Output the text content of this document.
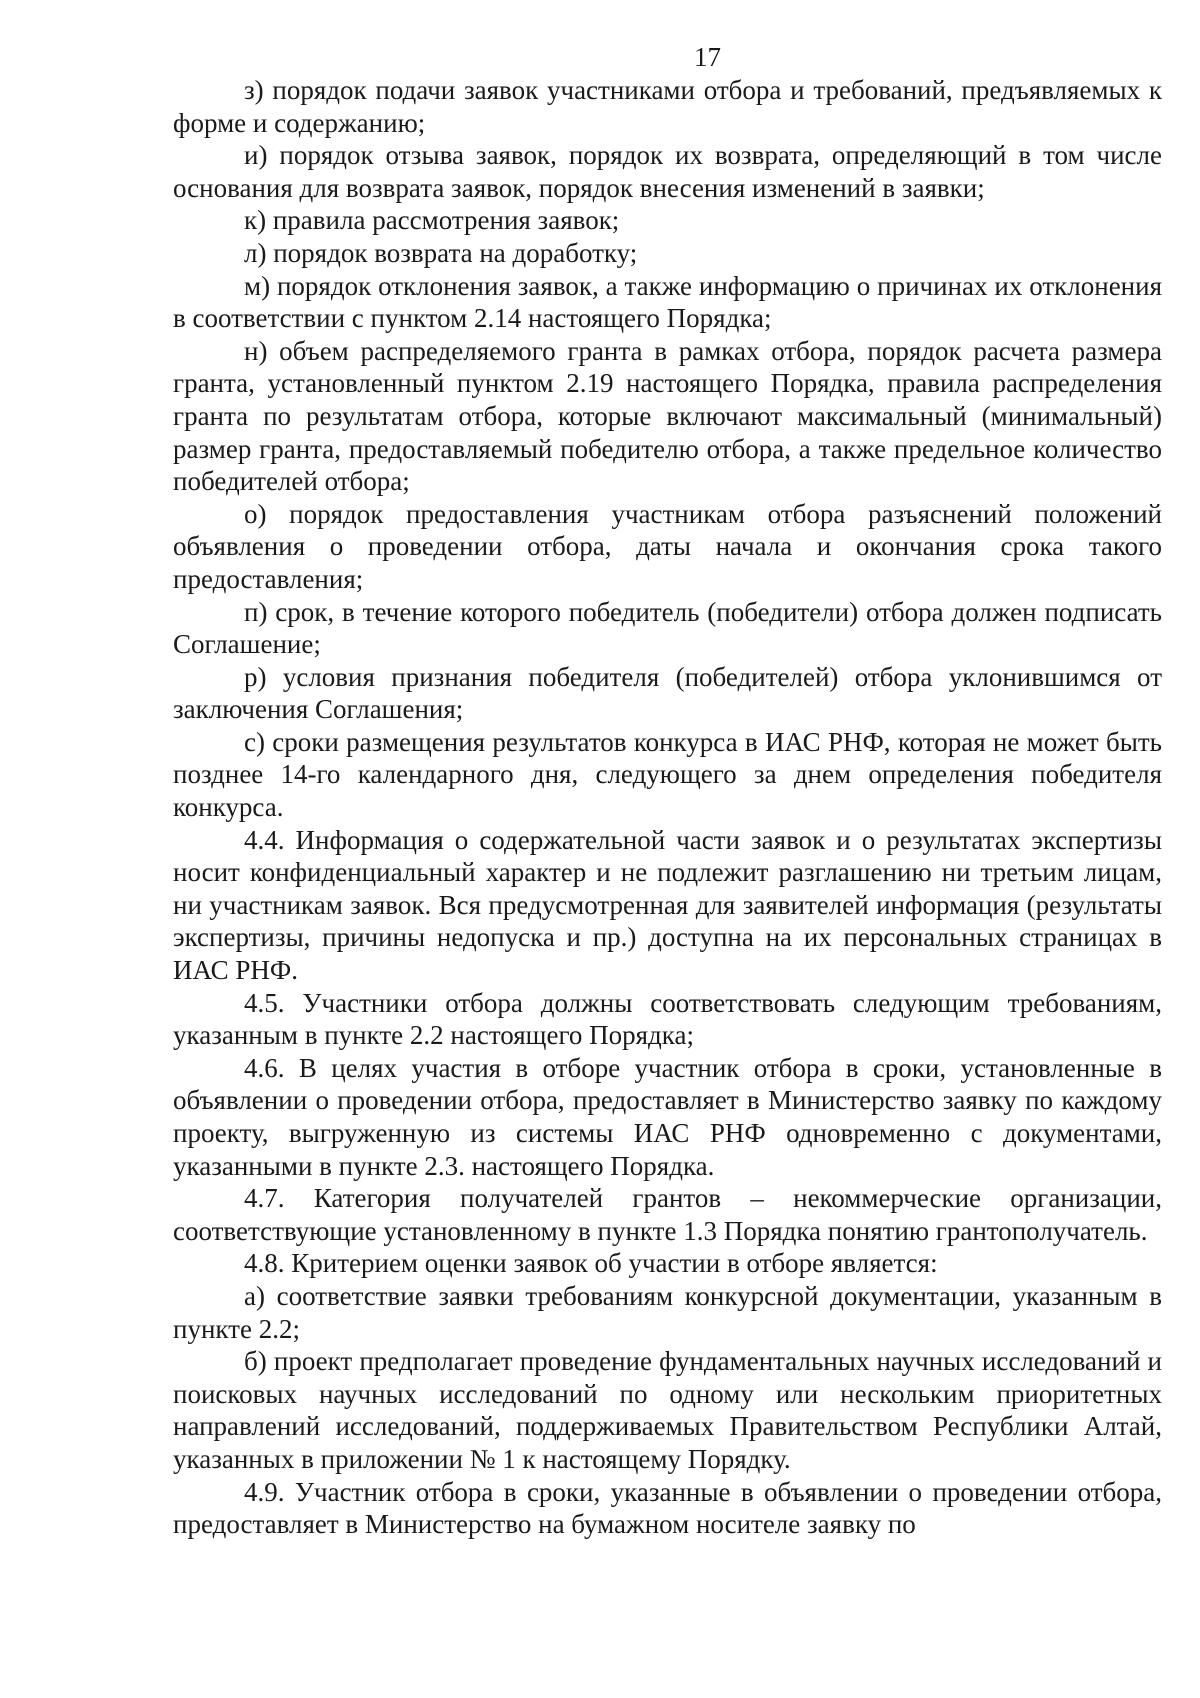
17

з) порядок подачи заявок участниками отбора и требований, предъявляемых к форме и содержанию;

и) порядок отзыва заявок, порядок их возврата, определяющий в том числе основания для возврата заявок, порядок внесения изменений в заявки;

к) правила рассмотрения заявок;

л) порядок возврата на доработку;

м) порядок отклонения заявок, а также информацию о причинах их отклонения в соответствии с пунктом 2.14 настоящего Порядка;

н) объем распределяемого гранта в рамках отбора, порядок расчета размера гранта, установленный пунктом 2.19 настоящего Порядка, правила распределения гранта по результатам отбора, которые включают максимальный (минимальный) размер гранта, предоставляемый победителю отбора, а также предельное количество победителей отбора;

о) порядок предоставления участникам отбора разъяснений положений объявления о проведении отбора, даты начала и окончания срока такого предоставления;

п) срок, в течение которого победитель (победители) отбора должен подписать Соглашение;

р) условия признания победителя (победителей) отбора уклонившимся от заключения Соглашения;

с) сроки размещения результатов конкурса в ИАС РНФ, которая не может быть позднее 14-го календарного дня, следующего за днем определения победителя конкурса.

4.4. Информация о содержательной части заявок и о результатах экспертизы носит конфиденциальный характер и не подлежит разглашению ни третьим лицам, ни участникам заявок. Вся предусмотренная для заявителей информация (результаты экспертизы, причины недопуска и пр.) доступна на их персональных страницах в ИАС РНФ.

4.5. Участники отбора должны соответствовать следующим требованиям, указанным в пункте 2.2 настоящего Порядка;

4.6. В целях участия в отборе участник отбора в сроки, установленные в объявлении о проведении отбора, предоставляет в Министерство заявку по каждому проекту, выгруженную из системы ИАС РНФ одновременно с документами, указанными в пункте 2.3. настоящего Порядка.

4.7. Категория получателей грантов – некоммерческие организации, соответствующие установленному в пункте 1.3 Порядка понятию грантополучатель.

4.8. Критерием оценки заявок об участии в отборе является:

а) соответствие заявки требованиям конкурсной документации, указанным в пункте 2.2;

б) проект предполагает проведение фундаментальных научных исследований и поисковых научных исследований по одному или нескольким приоритетных направлений исследований, поддерживаемых Правительством Республики Алтай, указанных в приложении № 1 к настоящему Порядку.

4.9. Участник отбора в сроки, указанные в объявлении о проведении отбора, предоставляет в Министерство на бумажном носителе заявку по
